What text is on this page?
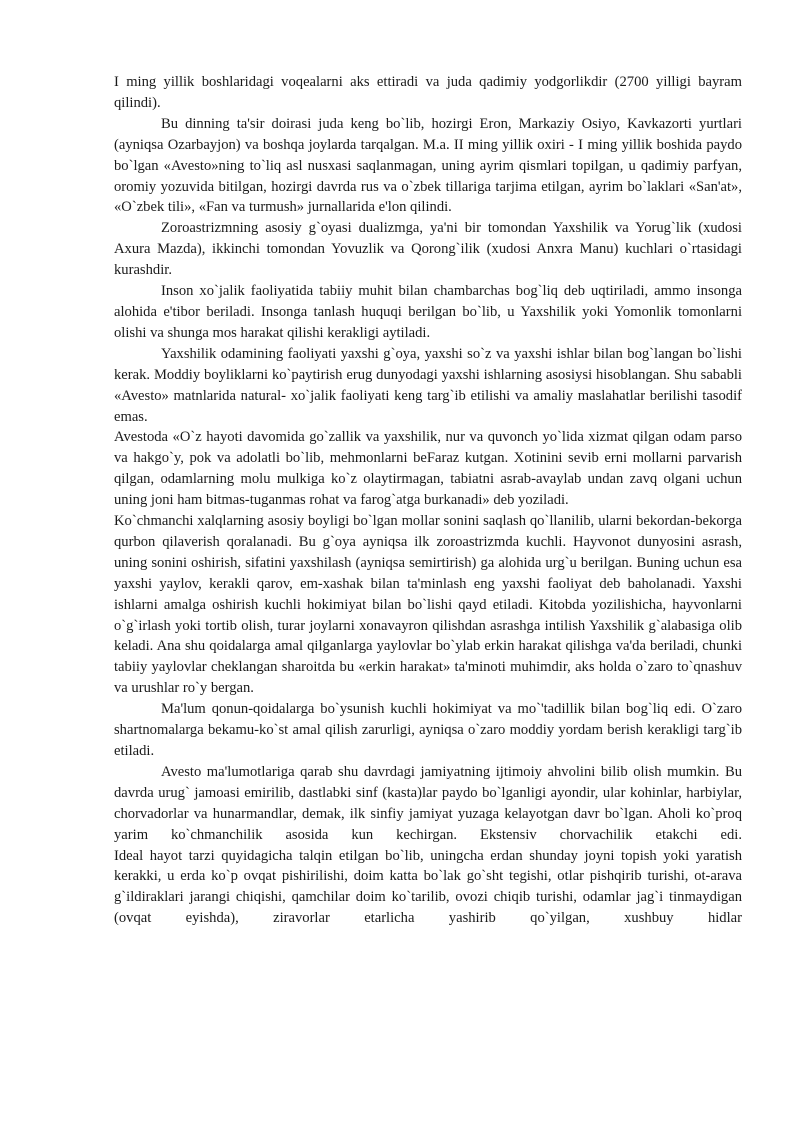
I ming yillik boshlaridagi voqealarni aks ettiradi va juda qadimiy yodgorlikdir (2700 yilligi bayram qilindi).

Bu dinning ta'sir doirasi juda keng bo`lib, hozirgi Eron, Markaziy Osiyo, Kavkazorti yurtlari (ayniqsa Ozarbayjon) va boshqa joylarda tarqalgan. M.a. II ming yillik oxiri - I ming yillik boshida paydo bo`lgan «Avesto»ning to`liq asl nusxasi saqlanmagan, uning ayrim qismlari topilgan, u qadimiy parfyan, oromiy yozuvida bitilgan, hozirgi davrda rus va o`zbek tillariga tarjima etilgan, ayrim bo`laklari «San'at», «O`zbek tili», «Fan va turmush» jurnallarida e'lon qilindi.

Zoroastrizmning asosiy g`oyasi dualizmga, ya'ni bir tomondan Yaxshilik va Yorug`lik (xudosi Axura Mazda), ikkinchi tomondan Yovuzlik va Qorong`ilik (xudosi Anxra Manu) kuchlari o`rtasidagi kurashdir.

Inson xo`jalik faoliyatida tabiiy muhit bilan chambarchas bog`liq deb uqtiriladi, ammo insonga alohida e'tibor beriladi. Insonga tanlash huquqi berilgan bo`lib, u Yaxshilik yoki Yomonlik tomonlarni olishi va shunga mos harakat qilishi kerakligi aytiladi.

Yaxshilik odamining faoliyati yaxshi g`oya, yaxshi so`z va yaxshi ishlar bilan bog`langan bo`lishi kerak. Moddiy boyliklarni ko`paytirish erug dunyodagi yaxshi ishlarning asosiysi hisoblangan. Shu sababli «Avesto» matnlarida natural- xo`jalik faoliyati keng targ`ib etilishi va amaliy maslahatlar berilishi tasodif emas.

Avestoda «O`z hayoti davomida go`zallik va yaxshilik, nur va quvonch yo`lida xizmat qilgan odam parso va hakgo`y, pok va adolatli bo`lib, mehmonlarni beFaraz kutgan. Xotinini sevib erni mollarni parvarish qilgan, odamlarning molu mulkiga ko`z olaytirmagan, tabiatni asrab-avaylab undan zavq olgani uchun uning joni ham bitmas-tuganmas rohat va farog`atga burkanadi» deb yoziladi.

Ko`chmanchi xalqlarning asosiy boyligi bo`lgan mollar sonini saqlash qo`llanilib, ularni bekordan-bekorga qurbon qilaverish qoralanadi. Bu g`oya ayniqsa ilk zoroastrizmda kuchli. Hayvonot dunyosini asrash, uning sonini oshirish, sifatini yaxshilash (ayniqsa semirtirish) ga alohida urg`u berilgan. Buning uchun esa yaxshi yaylov, kerakli qarov, em-xashak bilan ta'minlash eng yaxshi faoliyat deb baholanadi. Yaxshi ishlarni amalga oshirish kuchli hokimiyat bilan bo`lishi qayd etiladi. Kitobda yozilishicha, hayvonlarni o`g`irlash yoki tortib olish, turar joylarni xonavayron qilishdan asrashga intilish Yaxshilik g`alabasiga olib keladi. Ana shu qoidalarga amal qilganlarga yaylovlar bo`ylab erkin harakat qilishga va'da beriladi, chunki tabiiy yaylovlar cheklangan sharoitda bu «erkin harakat» ta'minoti muhimdir, aks holda o`zaro to`qnashuv va urushlar ro`y bergan.

Ma'lum qonun-qoidalarga bo`ysunish kuchli hokimiyat va mo`'tadillik bilan bog`liq edi. O`zaro shartnomalarga bekamu-ko`st amal qilish zarurligi, ayniqsa o`zaro moddiy yordam berish kerakligi targ`ib etiladi.

Avesto ma'lumotlariga qarab shu davrdagi jamiyatning ijtimoiy ahvolini bilib olish mumkin. Bu davrda urug` jamoasi emirilib, dastlabki sinf (kasta)lar paydo bo`lganligi ayondir, ular kohinlar, harbiylar, chorvadorlar va hunarmandlar, demak, ilk sinfiy jamiyat yuzaga kelayotgan davr bo`lgan. Aholi ko`proq yarim ko`chmanchilik asosida kun kechirgan. Ekstensiv chorvachilik etakchi edi.

Ideal hayot tarzi quyidagicha talqin etilgan bo`lib, uningcha erdan shunday joyni topish yoki yaratish kerakki, u erda ko`p ovqat pishirilishi, doim katta bo`lak go`sht tegishi, otlar pishqirib turishi, ot-arava g`ildiraklari jarangi chiqishi, qamchilar doim ko`tarilib, ovozi chiqib turishi, odamlar jag`i tinmaydigan (ovqat eyishda), ziravorlar etarlicha yashirib qo`yilgan, xushbuy hidlar
